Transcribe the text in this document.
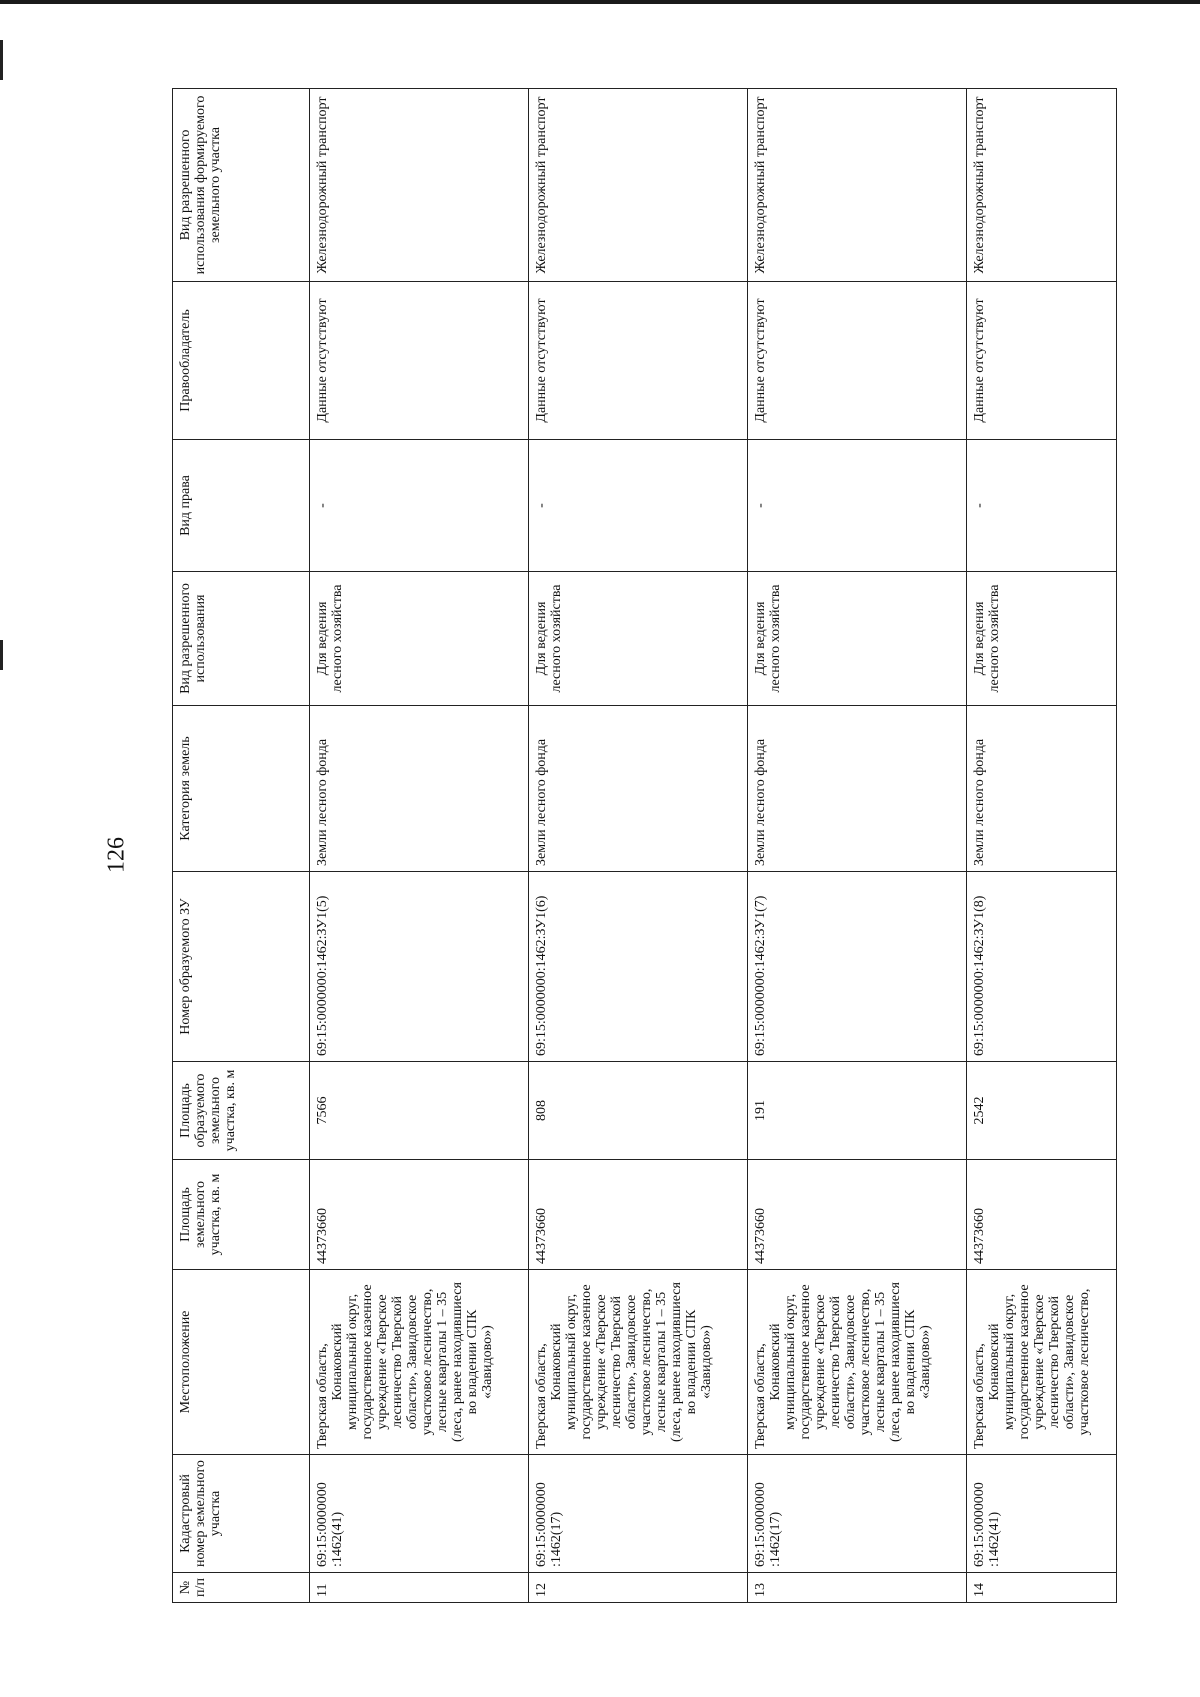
126
№ п/п	Кадастровый номер земельного участка	Местоположение	Площадь земельного участка, кв. м	Площадь образуемого земельного участка, кв. м	Номер образуемого ЗУ	Категория земель	Вид разрешенного использования	Вид права	Правообладатель	Вид разрешенного использования формируемого земельного участка
11	69:15:0000000 :1462(41)	Тверская область, Конаковский муниципальный округ, государственное казенное учреждение «Тверское лесничество Тверской области», Завидовское участковое лесничество, лесные кварталы 1 – 35 (леса, ранее находившиеся во владении СПК «Завидово»)	44373660	7566	69:15:0000000:1462:ЗУ1(5)	Земли лесного фонда	Для ведения лесного хозяйства	-	Данные отсутствуют	Железнодорожный транспорт
12	69:15:0000000 :1462(17)	Тверская область, Конаковский муниципальный округ, государственное казенное учреждение «Тверское лесничество Тверской области», Завидовское участковое лесничество, лесные кварталы 1 – 35 (леса, ранее находившиеся во владении СПК «Завидово»)	44373660	808	69:15:0000000:1462:ЗУ1(6)	Земли лесного фонда	Для ведения лесного хозяйства	-	Данные отсутствуют	Железнодорожный транспорт
13	69:15:0000000 :1462(17)	Тверская область, Конаковский муниципальный округ, государственное казенное учреждение «Тверское лесничество Тверской области», Завидовское участковое лесничество, лесные кварталы 1 – 35 (леса, ранее находившиеся во владении СПК «Завидово»)	44373660	191	69:15:0000000:1462:ЗУ1(7)	Земли лесного фонда	Для ведения лесного хозяйства	-	Данные отсутствуют	Железнодорожный транспорт
14	69:15:0000000 :1462(41)	Тверская область, Конаковский муниципальный округ, государственное казенное учреждение «Тверское лесничество Тверской области», Завидовское участковое лесничество,	44373660	2542	69:15:0000000:1462:ЗУ1(8)	Земли лесного фонда	Для ведения лесного хозяйства	-	Данные отсутствуют	Железнодорожный транспорт
